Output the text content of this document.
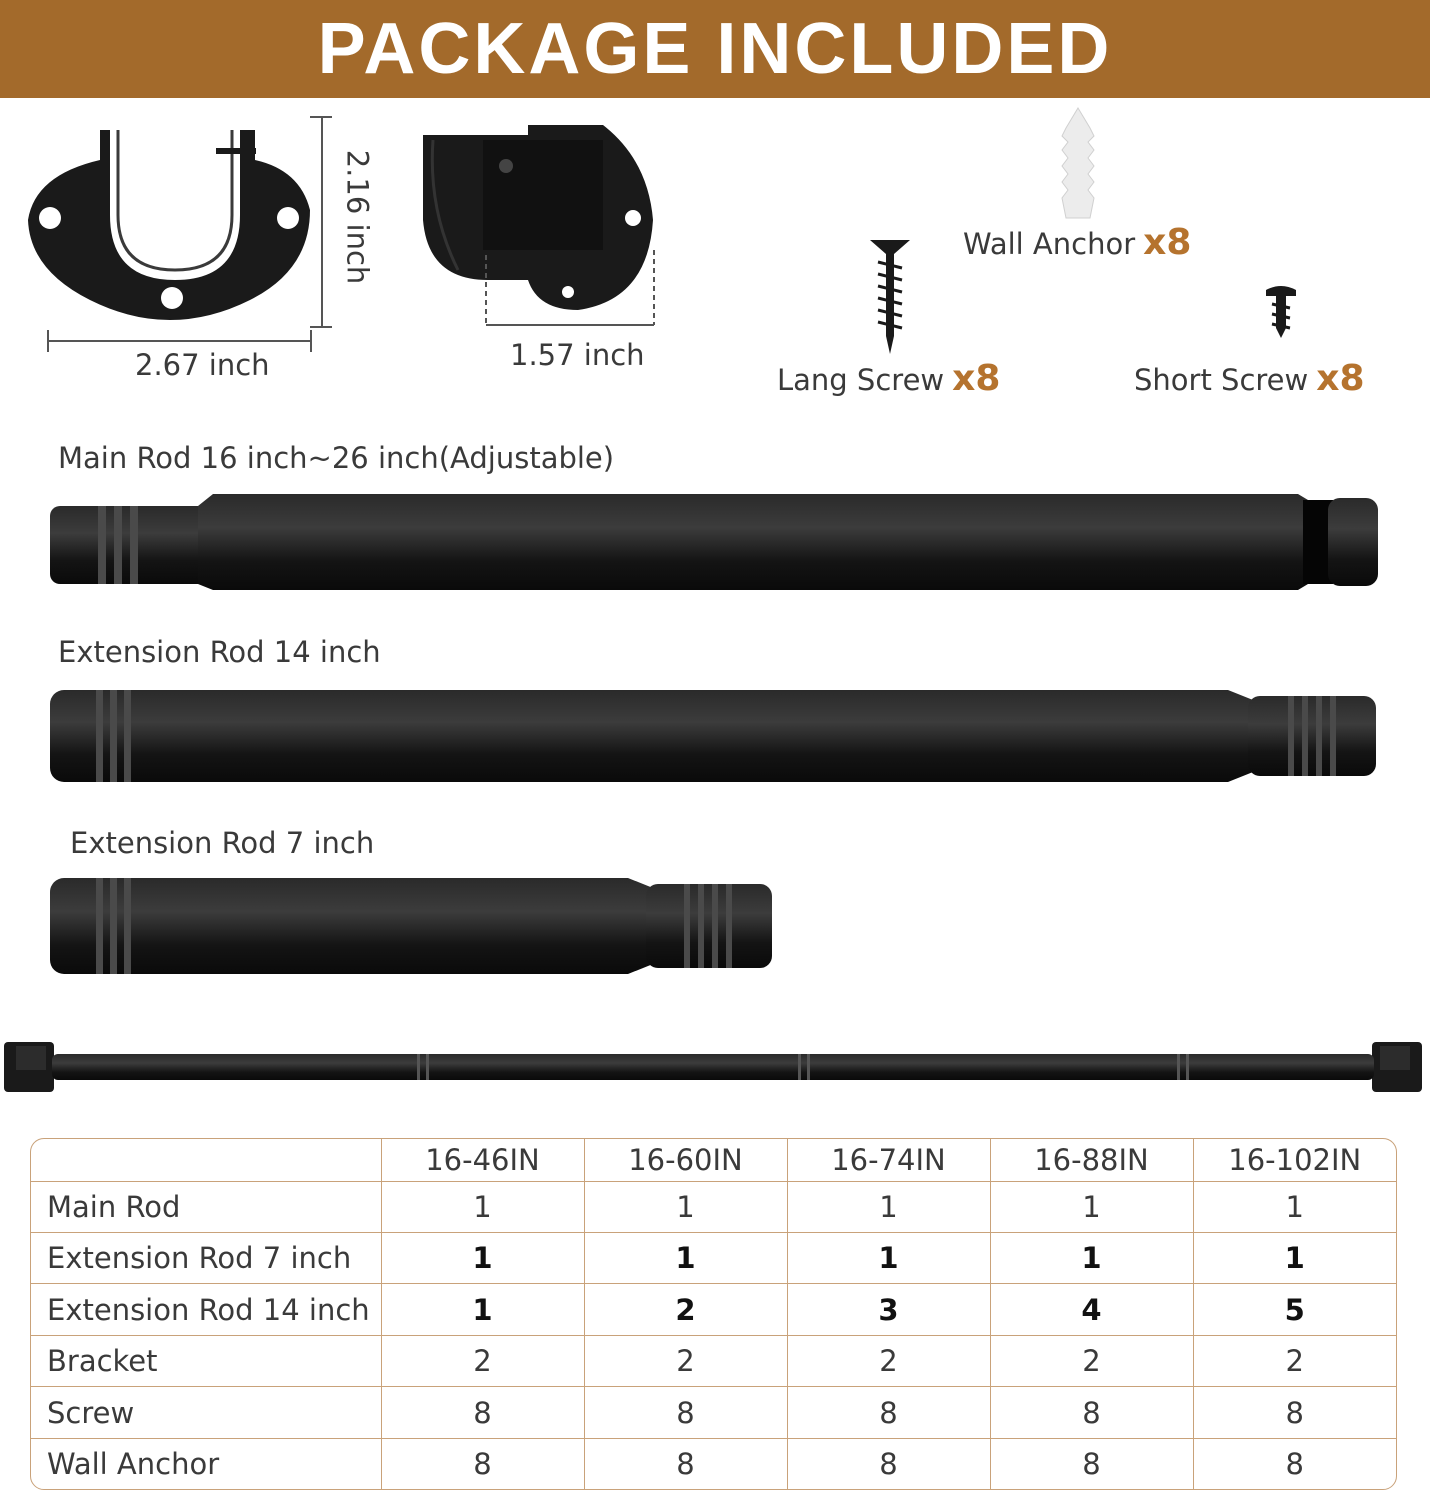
PACKAGE INCLUDED
2.16 inch
2.67 inch	1.57 inch
Wall Anchor x8
Lang Screw x8	Short Screw x8
Main Rod 16 inch~26 inch(Adjustable)
Extension Rod 14 inch
Extension Rod 7 inch
	16-46IN	16-60IN	16-74IN	16-88IN	16-102IN
Main Rod	1	1	1	1	1
Extension Rod 7 inch	1	1	1	1	1
Extension Rod 14 inch	1	2	3	4	5
Bracket	2	2	2	2	2
Screw	8	8	8	8	8
Wall Anchor	8	8	8	8	8
